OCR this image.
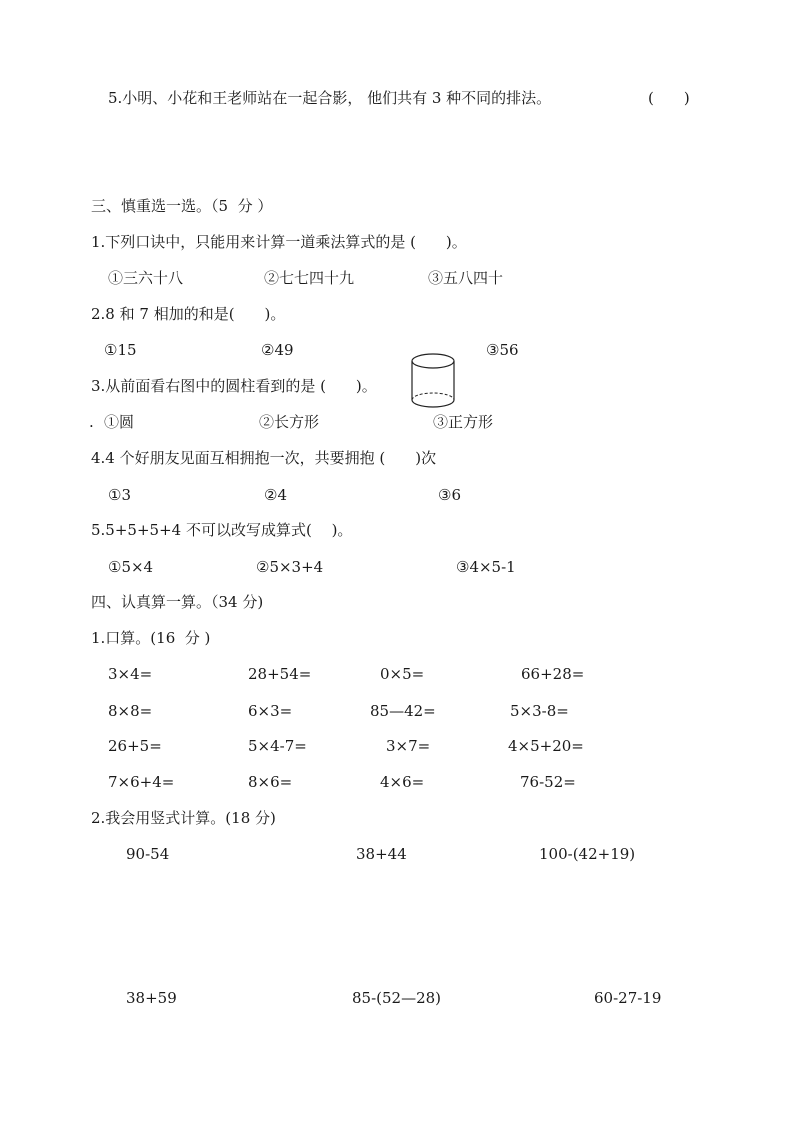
5.小明、小花和王老师站在一起合影， 他们共有 3 种不同的排法。	(　　)
三、慎重选一选。（5  分 ）
1.下列口诀中，只能用来计算一道乘法算式的是 (　　)。
①三六十八	②七七四十九	③五八四十
2.8 和 7 相加的和是(　　)。
①15	②49	③56
3.从前面看右图中的圆柱看到的是 (　　)。
. ①圆	②长方形	③正方形
4.4 个好朋友见面互相拥抱一次，共要拥抱 (　　)次
①3	②4	③6
5.5+5+5+4 不可以改写成算式(　 )。
①5×4	②5×3+4	③4×5-1
四、认真算一算。（34 分)
1.口算。(16  分 )
3×4=	28+54=	0×5=	66+28=
8×8=	6×3=	85—42=	5×3-8=
26+5=	5×4-7=	3×7=	4×5+20=
7×6+4=	8×6=	4×6=	76-52=
2.我会用竖式计算。(18 分)
90-54	38+44	100-(42+19)
38+59	85-(52—28)	60-27-19
